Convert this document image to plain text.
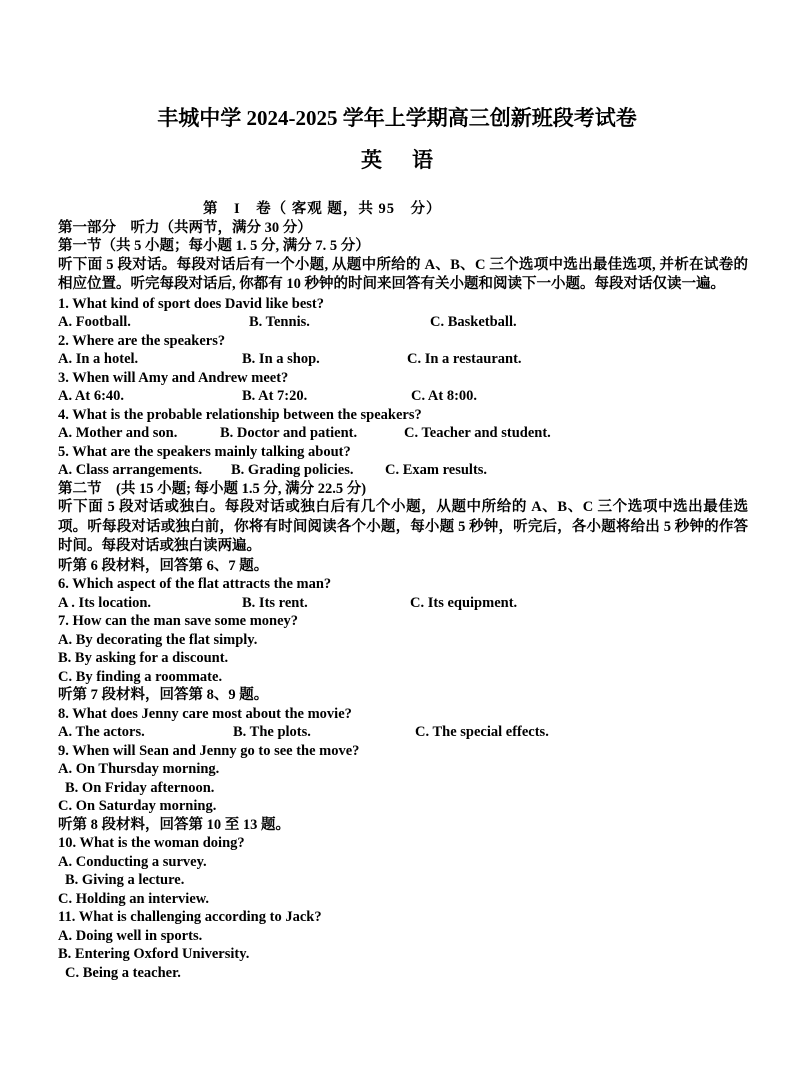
丰城中学 2024-2025 学年上学期高三创新班段考试卷
英语
第　I　卷（ 客观 题，共 95　分）
第一部分　听力（共两节，满分 30 分）
第一节（共 5 小题；每小题 1. 5 分, 满分 7. 5 分）
听下面 5 段对话。每段对话后有一个小题, 从题中所给的 A、B、C 三个选项中选出最佳选项, 并析在试卷的相应位置。听完每段对话后, 你都有 10 秒钟的时间来回答有关小题和阅读下一小题。每段对话仅读一遍。
1. What kind of sport does David like best?
A. Football.	B. Tennis.	C. Basketball.
2. Where are the speakers?
A. In a hotel.	B. In a shop.	C. In a restaurant.
3. When will Amy and Andrew meet?
A. At 6:40.	B. At 7:20.	C. At 8:00.
4. What is the probable relationship between the speakers?
A. Mother and son.	B. Doctor and patient.	C. Teacher and student.
5. What are the speakers mainly talking about?
A. Class arrangements.	B. Grading policies.	C. Exam results.
第二节　(共 15 小题; 每小题 1.5 分, 满分 22.5 分)
听下面 5 段对话或独白。每段对话或独白后有几个小题，从题中所给的 A、B、C 三个选项中选出最佳选项。听每段对话或独白前，你将有时间阅读各个小题，每小题 5 秒钟，听完后，各小题将给出 5 秒钟的作答时间。每段对话或独白读两遍。
听第 6 段材料，回答第 6、7 题。
6. Which aspect of the flat attracts the man?
A . Its location.	B. Its rent.	C. Its equipment.
7. How can the man save some money?
A. By decorating the flat simply.
B. By asking for a discount.
C. By finding a roommate.
听第 7 段材料，回答第 8、9 题。
8. What does Jenny care most about the movie?
A. The actors.	B. The plots.	C. The special effects.
9. When will Sean and Jenny go to see the move?
A. On Thursday morning.
B. On Friday afternoon.
C. On Saturday morning.
听第 8 段材料，回答第 10 至 13 题。
10. What is the woman doing?
A. Conducting a survey.
B. Giving a lecture.
C. Holding an interview.
11. What is challenging according to Jack?
A. Doing well in sports.
B. Entering Oxford University.
C. Being a teacher.
